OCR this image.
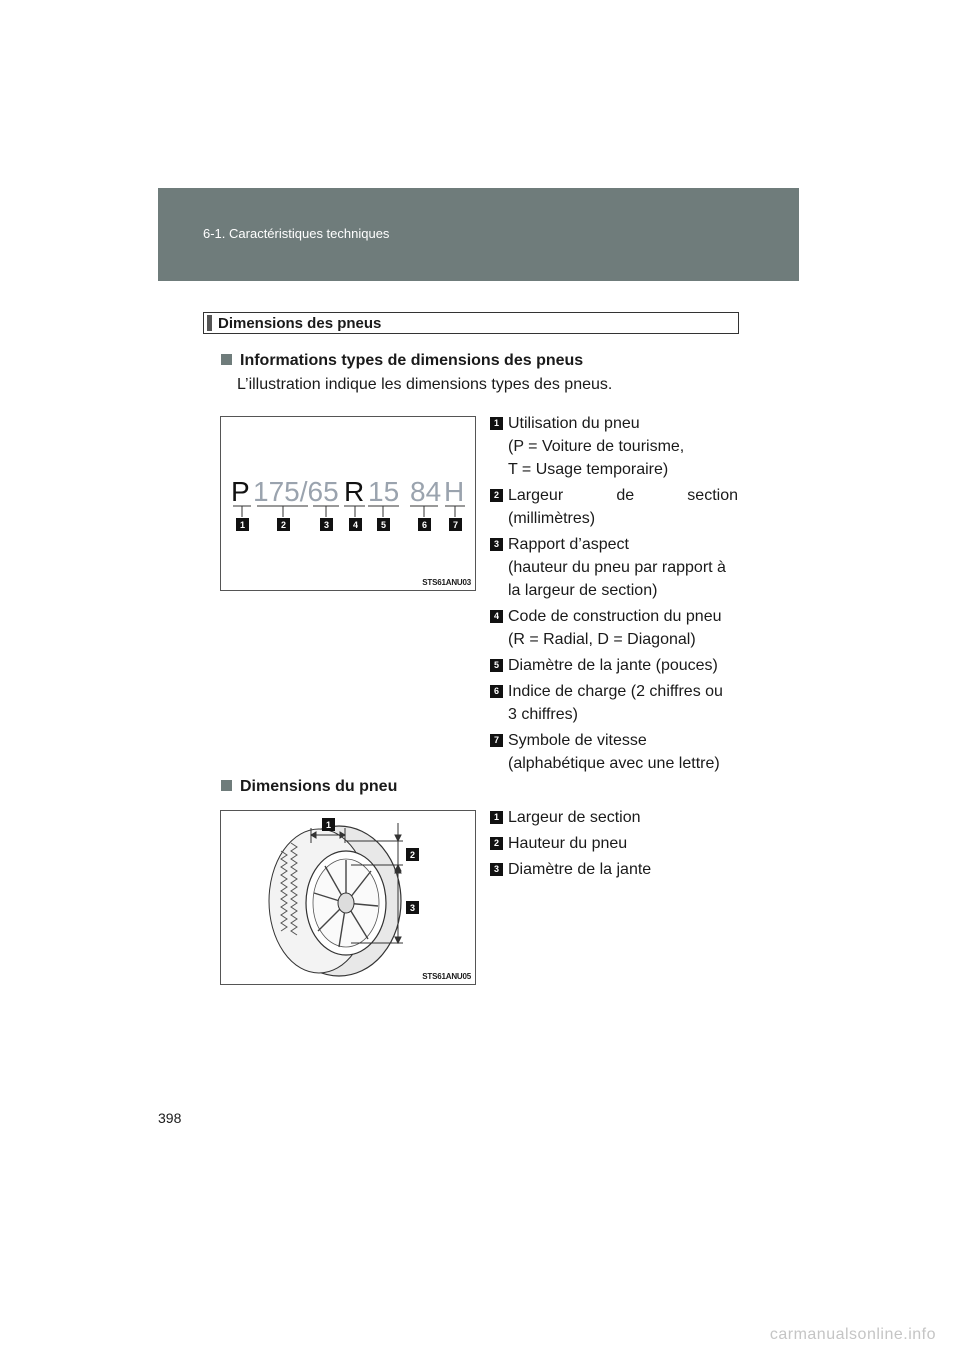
6-1. Caractéristiques techniques
Dimensions des pneus
Informations types de dimensions des pneus
L’illustration indique les dimensions types des pneus.
P 175/65 R 15 84 H
1	2	3	4	5	6	7
STS61ANU03
1 Utilisation du pneu
(P = Voiture de tourisme,
T = Usage temporaire)
2 Largeur	de	section
(millimètres)
3 Rapport d’aspect
(hauteur du pneu par rapport à
la largeur de section)
4 Code de construction du pneu
(R = Radial, D = Diagonal)
5 Diamètre de la jante (pouces)
6 Indice de charge (2 chiffres ou
3 chiffres)
7 Symbole de vitesse
(alphabétique avec une lettre)
Dimensions du pneu
1
2
3
STS61ANU05
1 Largeur de section
2 Hauteur du pneu
3 Diamètre de la jante
398
carmanualsonline.info
